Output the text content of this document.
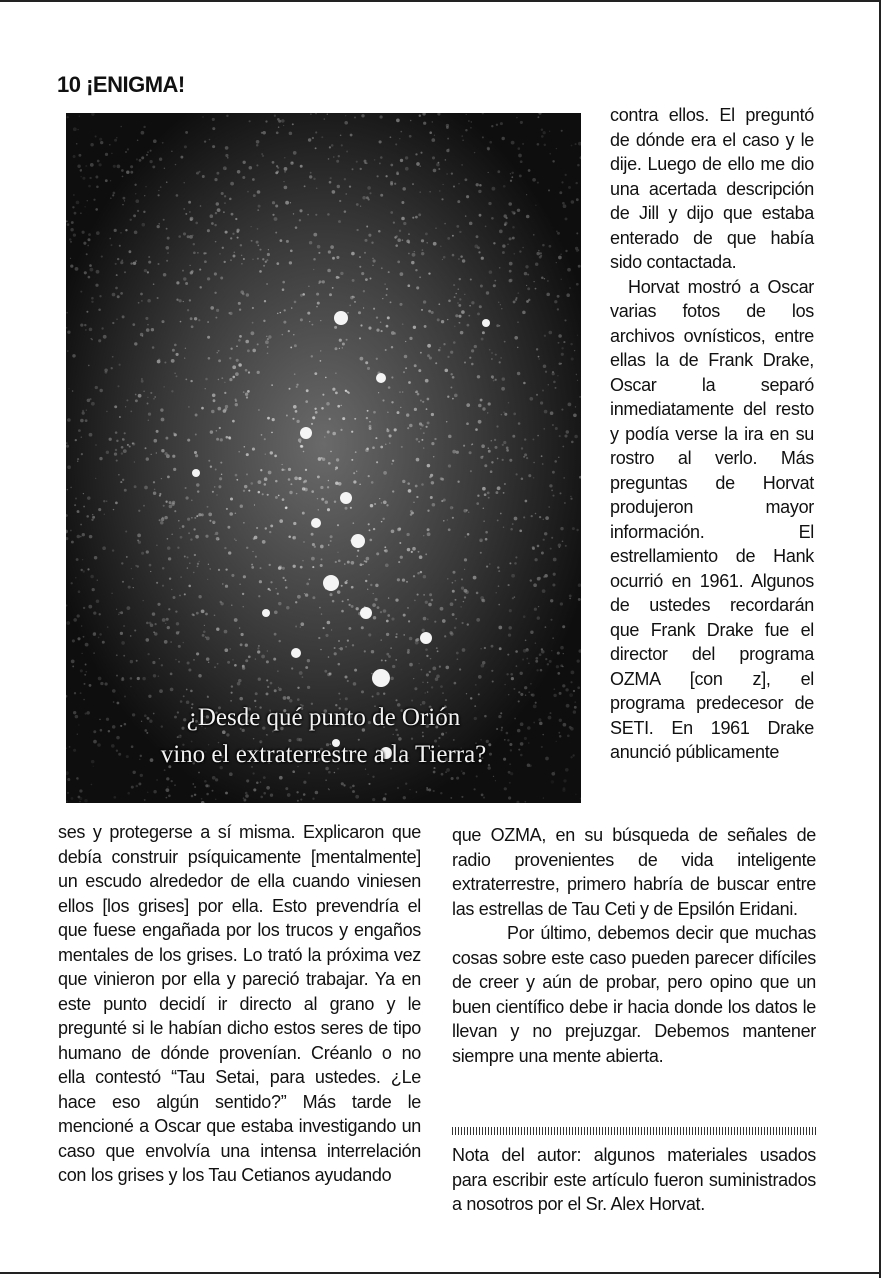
10 ¡ENIGMA!
¿Desde qué punto de Orión
vino el extraterrestre a la Tierra?

contra ellos. El preguntó de dónde era el caso y le dije. Luego de ello me dio una acertada descripción de Jill y dijo que estaba enterado de que había sido contactada.

Horvat mostró a Oscar varias fotos de los archivos ovnísticos, entre ellas la de Frank Drake, Oscar la separó inmediatamente del resto y podía verse la ira en su rostro al verlo. Más preguntas de Horvat produjeron mayor información. El estrellamiento de Hank ocurrió en 1961. Algunos de ustedes recordarán que Frank Drake fue el director del programa OZMA [con z], el programa predecesor de SETI. En 1961 Drake anunció públicamente

ses y protegerse a sí misma. Explicaron que debía construir psíquicamente [mentalmente] un escudo alrededor de ella cuando viniesen ellos [los grises] por ella. Esto prevendría el que fuese engañada por los trucos y engaños mentales de los grises. Lo trató la próxima vez que vinieron por ella y pareció trabajar. Ya en este punto decidí ir directo al grano y le pregunté si le habían dicho estos seres de tipo humano de dónde provenían. Créanlo o no ella contestó “Tau Setai, para ustedes. ¿Le hace eso algún sentido?” Más tarde le mencioné a Oscar que estaba investigando un caso que envolvía una intensa interrelación con los grises y los Tau Cetianos ayudando

que OZMA, en su búsqueda de señales de radio provenientes de vida inteligente extraterrestre, primero habría de buscar entre las estrellas de Tau Ceti y de Epsilón Eridani.

Por último, debemos decir que muchas cosas sobre este caso pueden parecer difíciles de creer y aún de probar, pero opino que un buen científico debe ir hacia donde los datos le llevan y no prejuzgar. Debemos mantener siempre una mente abierta.

Nota del autor: algunos materiales usados para escribir este artículo fueron suministrados a nosotros por el Sr. Alex Horvat.
